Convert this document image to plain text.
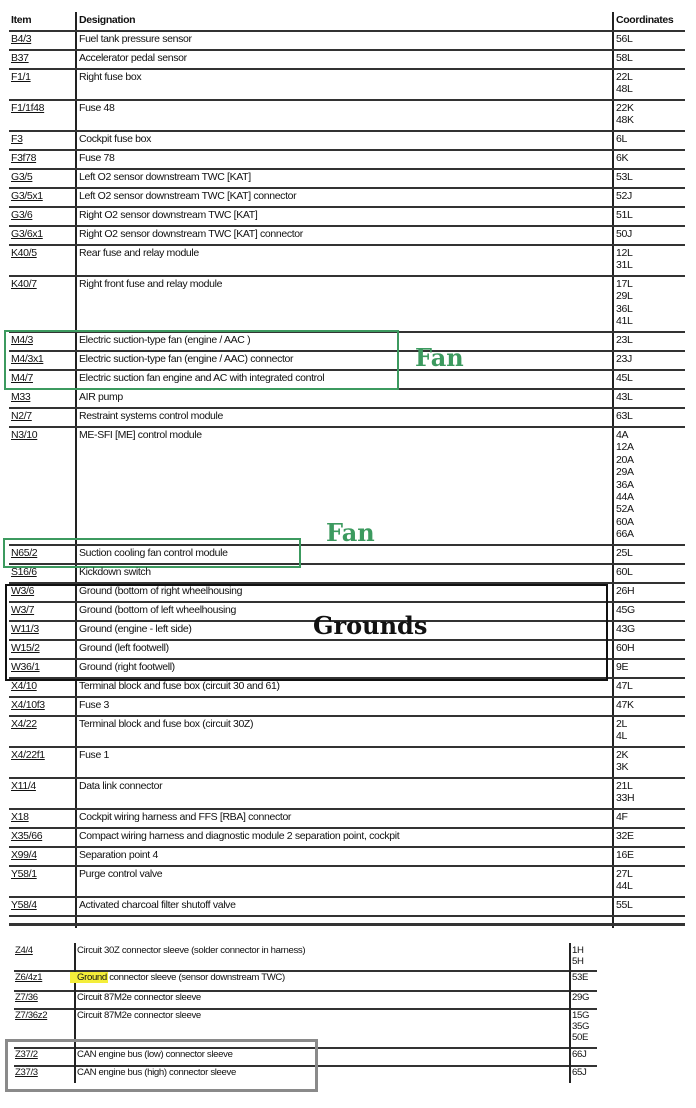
Item	Designation	Coordinates
B4/3	Fuel tank pressure sensor	56L
B37	Accelerator pedal sensor	58L
F1/1	Right fuse box	22L
48L
F1/1f48	Fuse 48	22K
48K
F3	Cockpit fuse box	6L
F3f78	Fuse 78	6K
G3/5	Left O2 sensor downstream TWC [KAT]	53L
G3/5x1	Left O2 sensor downstream TWC [KAT] connector	52J
G3/6	Right O2 sensor downstream TWC [KAT]	51L
G3/6x1	Right O2 sensor downstream TWC [KAT] connector	50J
K40/5	Rear fuse and relay module	12L
31L
K40/7	Right front fuse and relay module	17L
29L
36L
41L
M4/3	Electric suction-type fan (engine / AAC )	23L
M4/3x1	Electric suction-type fan (engine / AAC) connector	23J
M4/7	Electric suction fan engine and AC with integrated control	45L
M33	AIR pump	43L
N2/7	Restraint systems control module	63L
N3/10	ME-SFI [ME] control module	4A
12A
20A
29A
36A
44A
52A
60A
66A
N65/2	Suction cooling fan control module	25L
S16/6	Kickdown switch	60L
W3/6	Ground (bottom of right wheelhousing	26H
W3/7	Ground (bottom of left wheelhousing	45G
W11/3	Ground (engine - left side)	43G
W15/2	Ground (left footwell)	60H
W36/1	Ground (right footwell)	9E
X4/10	Terminal block and fuse box (circuit 30 and 61)	47L
X4/10f3	Fuse 3	47K
X4/22	Terminal block and fuse box (circuit 30Z)	2L
4L
X4/22f1	Fuse 1	2K
3K
X11/4	Data link connector	21L
33H
X18	Cockpit wiring harness and FFS [RBA] connector	4F
X35/66	Compact wiring harness and diagnostic module 2 separation point, cockpit	32E
X99/4	Separation point 4	16E
Y58/1	Purge control valve	27L
44L
Y58/4	Activated charcoal filter shutoff valve	55L
Z4/4	Circuit 30Z connector sleeve (solder connector in harness)	1H
5H
Z6/4z1	Ground connector sleeve (sensor downstream TWC)	53E
Z7/36	Circuit 87M2e connector sleeve	29G
Z7/36z2	Circuit 87M2e connector sleeve	15G
35G
50E
Z37/2	CAN engine bus (low) connector sleeve	66J
Z37/3	CAN engine bus (high) connector sleeve	65J
Fan
Fan
Grounds
